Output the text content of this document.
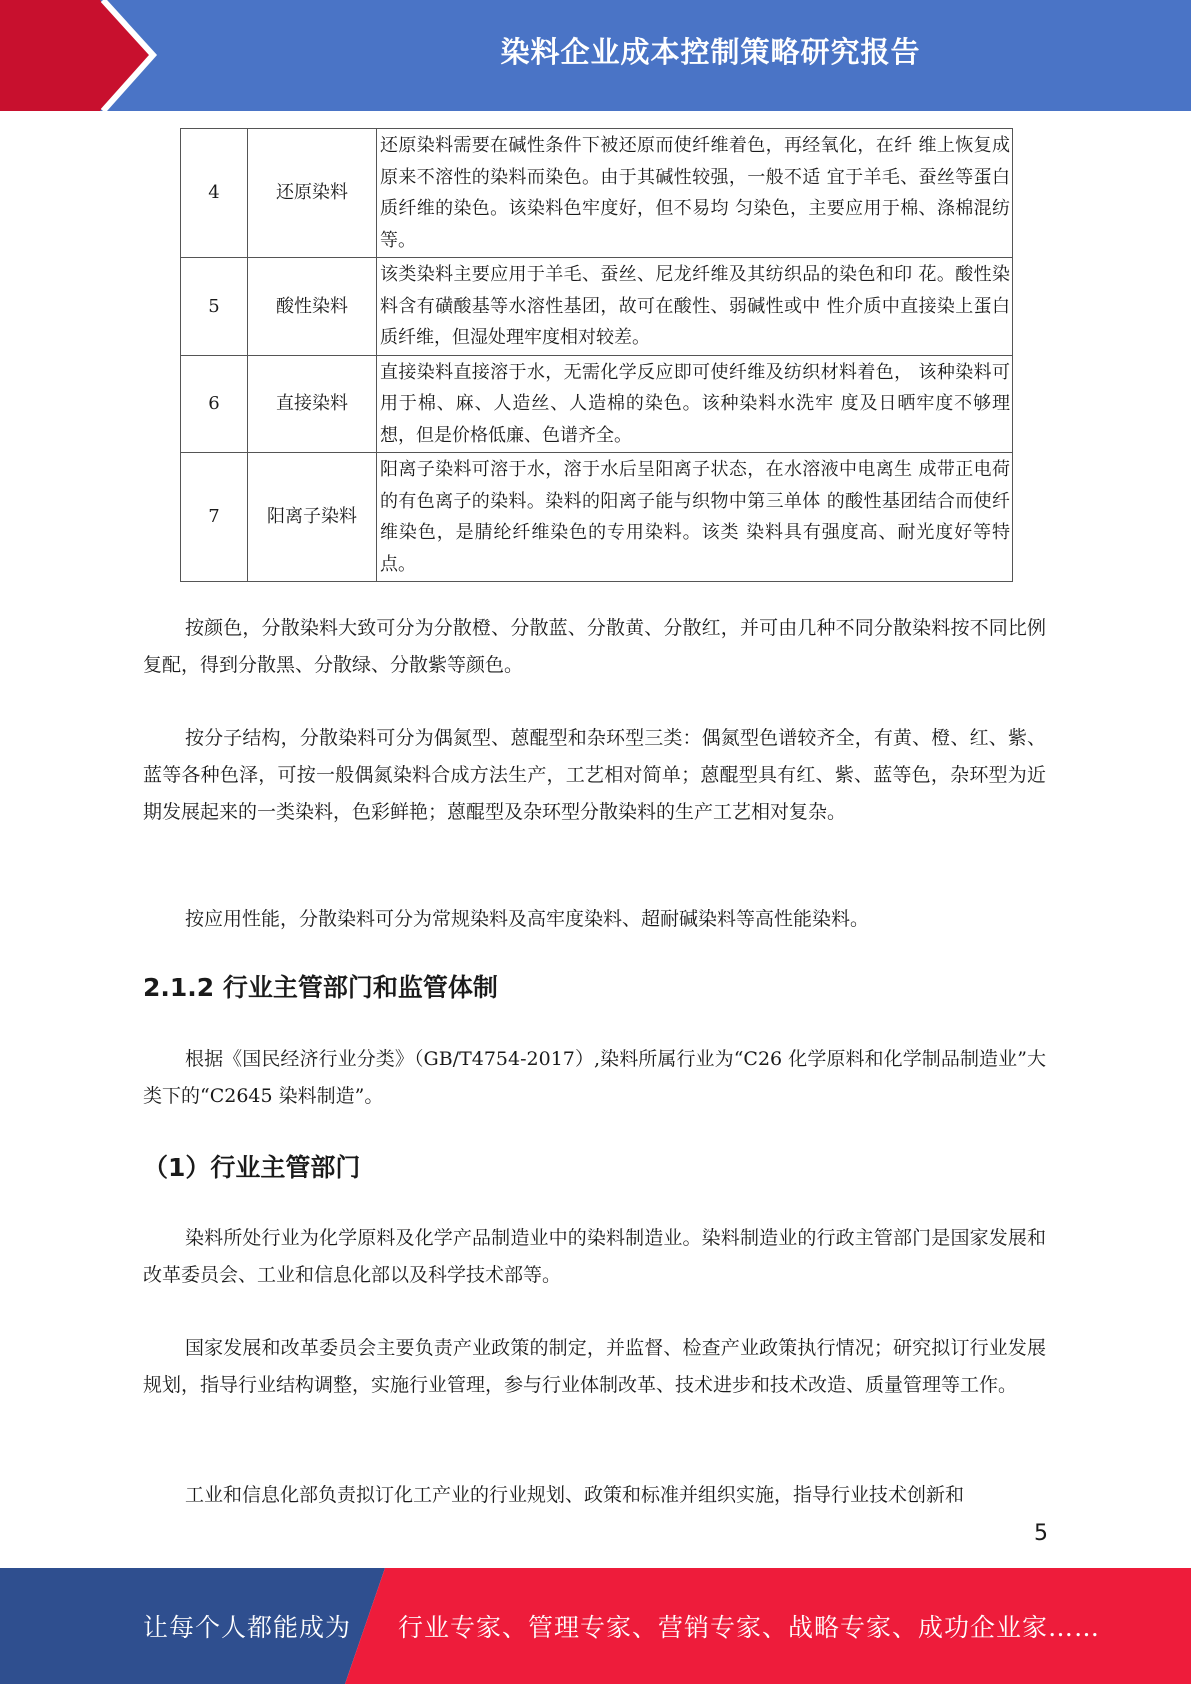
染料企业成本控制策略研究报告
4	还原染料	还原染料需要在碱性条件下被还原而使纤维着色，再经氧化，在纤 维上恢复成原来不溶性的染料而染色。由于其碱性较强，一般不适 宜于羊毛、蚕丝等蛋白质纤维的染色。该染料色牢度好，但不易均 匀染色，主要应用于棉、涤棉混纺等。
5	酸性染料	该类染料主要应用于羊毛、蚕丝、尼龙纤维及其纺织品的染色和印 花。酸性染料含有磺酸基等水溶性基团，故可在酸性、弱碱性或中 性介质中直接染上蛋白质纤维，但湿处理牢度相对较差。
6	直接染料	直接染料直接溶于水，无需化学反应即可使纤维及纺织材料着色， 该种染料可用于棉、麻、人造丝、人造棉的染色。该种染料水洗牢 度及日晒牢度不够理想，但是价格低廉、色谱齐全。
7	阳离子染料	阳离子染料可溶于水，溶于水后呈阳离子状态，在水溶液中电离生 成带正电荷的有色离子的染料。染料的阳离子能与织物中第三单体 的酸性基团结合而使纤维染色，是腈纶纤维染色的专用染料。该类 染料具有强度高、耐光度好等特点。
按颜色，分散染料大致可分为分散橙、分散蓝、分散黄、分散红，并可由几种不同分散染料按不同比例复配，得到分散黑、分散绿、分散紫等颜色。
按分子结构，分散染料可分为偶氮型、蒽醌型和杂环型三类：偶氮型色谱较齐全，有黄、橙、红、紫、蓝等各种色泽，可按一般偶氮染料合成方法生产，工艺相对简单；蒽醌型具有红、紫、蓝等色，杂环型为近期发展起来的一类染料，色彩鲜艳；蒽醌型及杂环型分散染料的生产工艺相对复杂。
按应用性能，分散染料可分为常规染料及高牢度染料、超耐碱染料等高性能染料。
2.1.2 行业主管部门和监管体制
根据《国民经济行业分类》（GB/T4754-2017）,染料所属行业为“C26 化学原料和化学制品制造业”大类下的“C2645 染料制造”。
（1）行业主管部门
染料所处行业为化学原料及化学产品制造业中的染料制造业。染料制造业的行政主管部门是国家发展和改革委员会、工业和信息化部以及科学技术部等。
国家发展和改革委员会主要负责产业政策的制定，并监督、检查产业政策执行情况；研究拟订行业发展规划，指导行业结构调整，实施行业管理，参与行业体制改革、技术进步和技术改造、质量管理等工作。
工业和信息化部负责拟订化工产业的行业规划、政策和标准并组织实施，指导行业技术创新和
5
让每个人都能成为 行业专家、管理专家、营销专家、战略专家、成功企业家……
